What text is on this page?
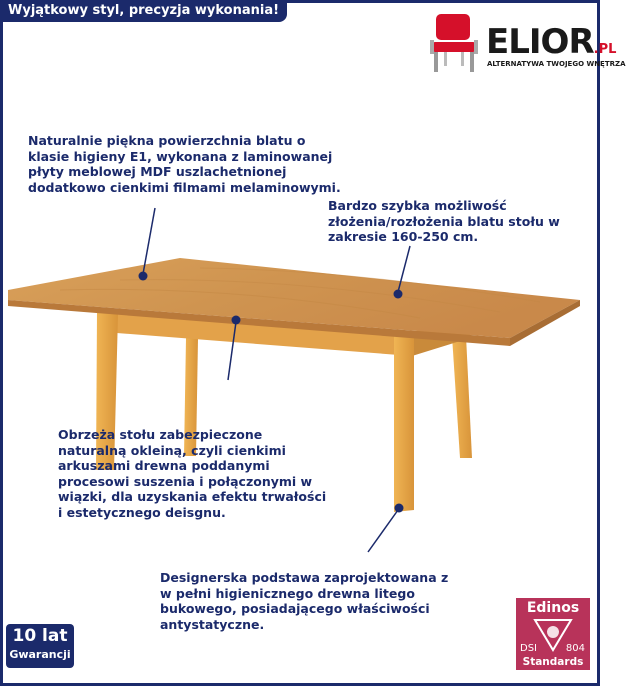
Wyjątkowy styl, precyzja wykonania!
ELIOR.PL
ALTERNATYWA TWOJEGO WNĘTRZA
Naturalnie piękna powierzchnia blatu o klasie higieny E1, wykonana z laminowanej płyty meblowej MDF uszlachetnionej dodatkowo cienkimi filmami melaminowymi.
Bardzo szybka możliwość złożenia/rozłożenia blatu stołu w zakresie 160-250 cm.
Obrzeża stołu zabezpieczone naturalną okleiną, czyli cienkimi arkuszami drewna poddanymi procesowi suszenia i połączonymi w wiązki, dla uzyskania efektu trwałości i estetycznego deisgnu.
Designerska podstawa zaprojektowana z w pełni higienicznego drewna litego bukowego, posiadającego właściwości antystatyczne.
10 lat
Gwarancji
Edinos
DSI	804
Standards
